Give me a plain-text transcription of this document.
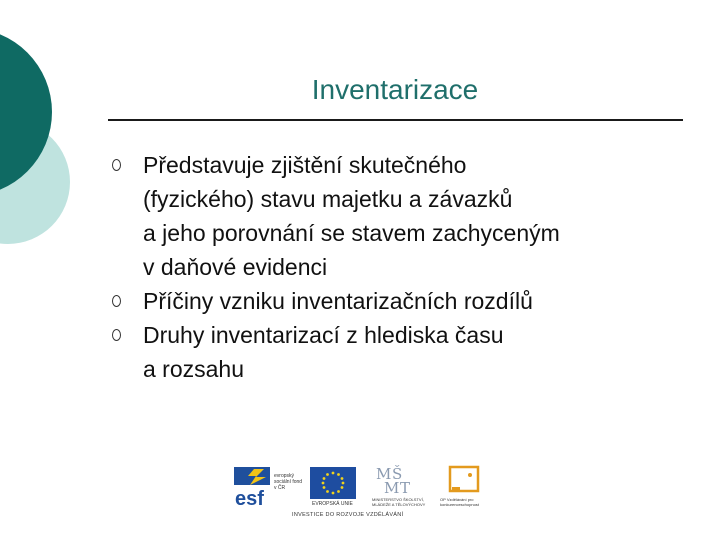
Inventarizace
Představuje zjištění skutečného
(fyzického) stavu majetku a závazků
a jeho porovnání se stavem zachyceným
v daňové evidenci
Příčiny vzniku inventarizačních rozdílů
Druhy inventarizací z hlediska času
a rozsahu
esf
evropský sociální fond v ČR
EVROPSKÁ UNIE
M Š
M T
MINISTERSTVO ŠKOLSTVÍ, MLÁDEŽE A TĚLOVÝCHOVY
OP Vzdělávání pro konkurenceschopnost
INVESTICE DO ROZVOJE VZDĚLÁVÁNÍ
